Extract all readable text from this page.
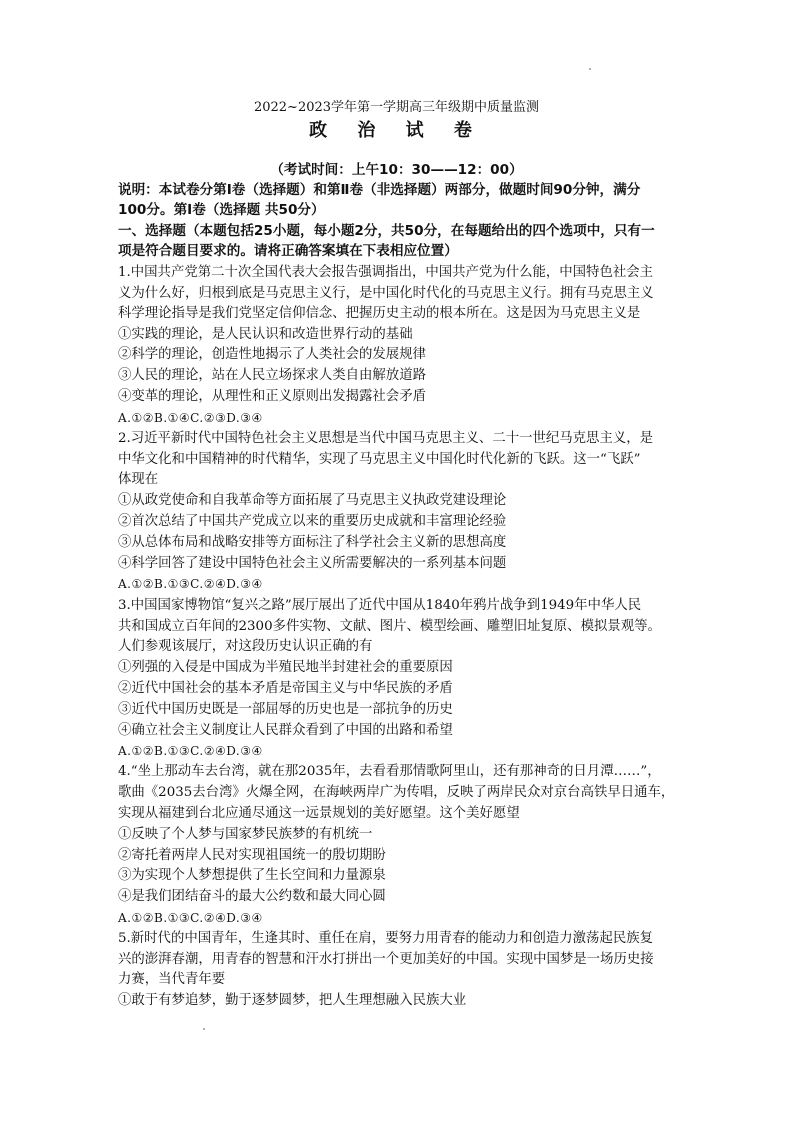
2022~2023学年第一学期高三年级期中质量监测
政 治 试 卷
（考试时间：上午10：30——12：00）
说明：本试卷分第Ⅰ卷（选择题）和第Ⅱ卷（非选择题）两部分，做题时间90分钟，满分
100分。第Ⅰ卷（选择题 共50分）
一、选择题（本题包括25小题，每小题2分，共50分，在每题给出的四个选项中，只有一
项是符合题目要求的。请将正确答案填在下表相应位置）
1.中国共产党第二十次全国代表大会报告强调指出，中国共产党为什么能，中国特色社会主
义为什么好，归根到底是马克思主义行，是中国化时代化的马克思主义行。拥有马克思主义
科学理论指导是我们党坚定信仰信念、把握历史主动的根本所在。这是因为马克思主义是
①实践的理论，是人民认识和改造世界行动的基础
②科学的理论，创造性地揭示了人类社会的发展规律
③人民的理论，站在人民立场探求人类自由解放道路
④变革的理论，从理性和正义原则出发揭露社会矛盾
A.①②B.①④C.②③D.③④
2.习近平新时代中国特色社会主义思想是当代中国马克思主义、二十一世纪马克思主义，是
中华文化和中国精神的时代精华，实现了马克思主义中国化时代化新的飞跃。这一“飞跃”
体现在
①从政党使命和自我革命等方面拓展了马克思主义执政党建设理论
②首次总结了中国共产党成立以来的重要历史成就和丰富理论经验
③从总体布局和战略安排等方面标注了科学社会主义新的思想高度
④科学回答了建设中国特色社会主义所需要解决的一系列基本问题
A.①②B.①③C.②④D.③④
3.中国国家博物馆“复兴之路”展厅展出了近代中国从1840年鸦片战争到1949年中华人民
共和国成立百年间的2300多件实物、文献、图片、模型绘画、雕塑旧址复原、模拟景观等。
人们参观该展厅，对这段历史认识正确的有
①列强的入侵是中国成为半殖民地半封建社会的重要原因
②近代中国社会的基本矛盾是帝国主义与中华民族的矛盾
③近代中国历史既是一部屈辱的历史也是一部抗争的历史
④确立社会主义制度让人民群众看到了中国的出路和希望
A.①②B.①③C.②④D.③④
4.“坐上那动车去台湾，就在那2035年，去看看那情歌阿里山，还有那神奇的日月潭……”，
歌曲《2035去台湾》火爆全网，在海峡两岸广为传唱，反映了两岸民众对京台高铁早日通车，
实现从福建到台北应通尽通这一远景规划的美好愿望。这个美好愿望
①反映了个人梦与国家梦民族梦的有机统一
②寄托着两岸人民对实现祖国统一的殷切期盼
③为实现个人梦想提供了生长空间和力量源泉
④是我们团结奋斗的最大公约数和最大同心圆
A.①②B.①③C.②④D.③④
5.新时代的中国青年，生逢其时、重任在肩，要努力用青春的能动力和创造力激荡起民族复
兴的澎湃春潮，用青春的智慧和汗水打拼出一个更加美好的中国。实现中国梦是一场历史接
力赛，当代青年要
①敢于有梦追梦，勤于逐梦圆梦，把人生理想融入民族大业
